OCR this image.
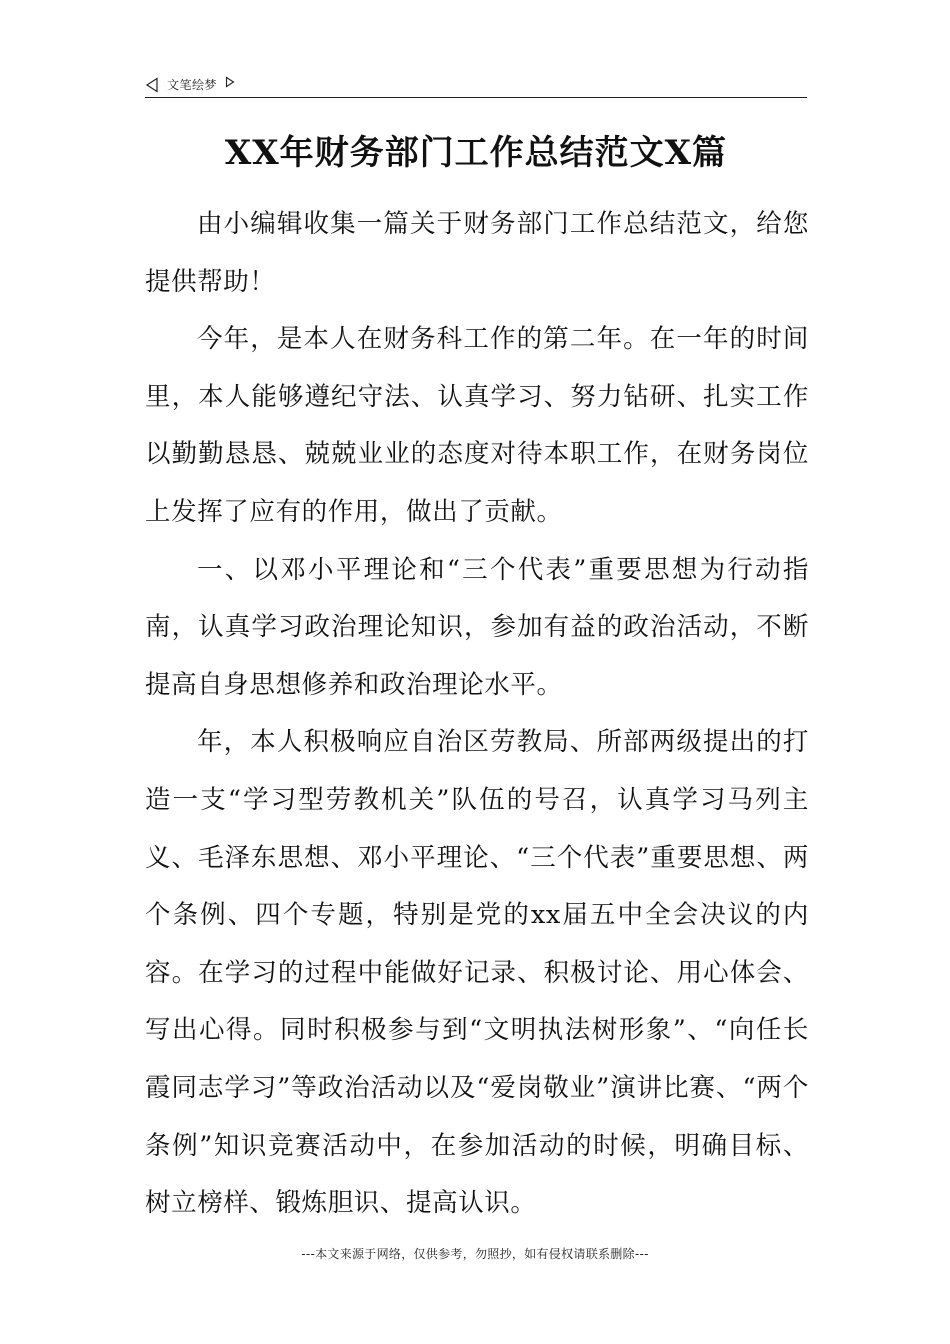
文笔绘梦
XX年财务部门工作总结范文X篇

由小编辑收集一篇关于财务部门工作总结范文，给您提供帮助！

今年，是本人在财务科工作的第二年。在一年的时间里，本人能够遵纪守法、认真学习、努力钻研、扎实工作以勤勤恳恳、兢兢业业的态度对待本职工作，在财务岗位上发挥了应有的作用，做出了贡献。

一、以邓小平理论和“三个代表”重要思想为行动指南，认真学习政治理论知识，参加有益的政治活动，不断提高自身思想修养和政治理论水平。

年，本人积极响应自治区劳教局、所部两级提出的打造一支“学习型劳教机关”队伍的号召，认真学习马列主义、毛泽东思想、邓小平理论、“三个代表”重要思想、两个条例、四个专题，特别是党的xx届五中全会决议的内容。在学习的过程中能做好记录、积极讨论、用心体会、写出心得。同时积极参与到“文明执法树形象”、“向任长霞同志学习”等政治活动以及“爱岗敬业”演讲比赛、“两个条例”知识竞赛活动中，在参加活动的时候，明确目标、树立榜样、锻炼胆识、提高认识。

---本文来源于网络，仅供参考，勿照抄，如有侵权请联系删除---
